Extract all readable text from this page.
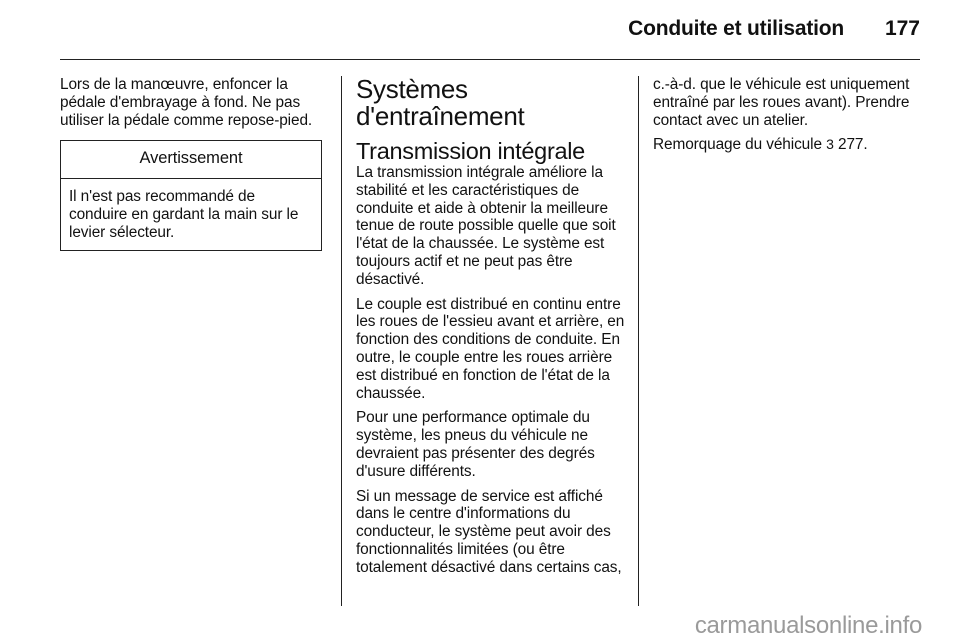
Conduite et utilisation 177

Lors de la manœuvre, enfoncer la pédale d'embrayage à fond. Ne pas utiliser la pédale comme repose-pied.

Avertissement
Il n'est pas recommandé de conduire en gardant la main sur le levier sélecteur.
Systèmes d'entraînement
Transmission intégrale

La transmission intégrale améliore la stabilité et les caractéristiques de conduite et aide à obtenir la meilleure tenue de route possible quelle que soit l'état de la chaussée. Le système est toujours actif et ne peut pas être désactivé.

Le couple est distribué en continu entre les roues de l'essieu avant et arrière, en fonction des conditions de conduite. En outre, le couple entre les roues arrière est distribué en fonction de l'état de la chaussée.

Pour une performance optimale du système, les pneus du véhicule ne devraient pas présenter des degrés d'usure différents.

Si un message de service est affiché dans le centre d'informations du conducteur, le système peut avoir des fonctionnalités limitées (ou être totalement désactivé dans certains cas,

c.-à-d. que le véhicule est uniquement entraîné par les roues avant). Prendre contact avec un atelier.

Remorquage du véhicule 3 277.

carmanualsonline.info
